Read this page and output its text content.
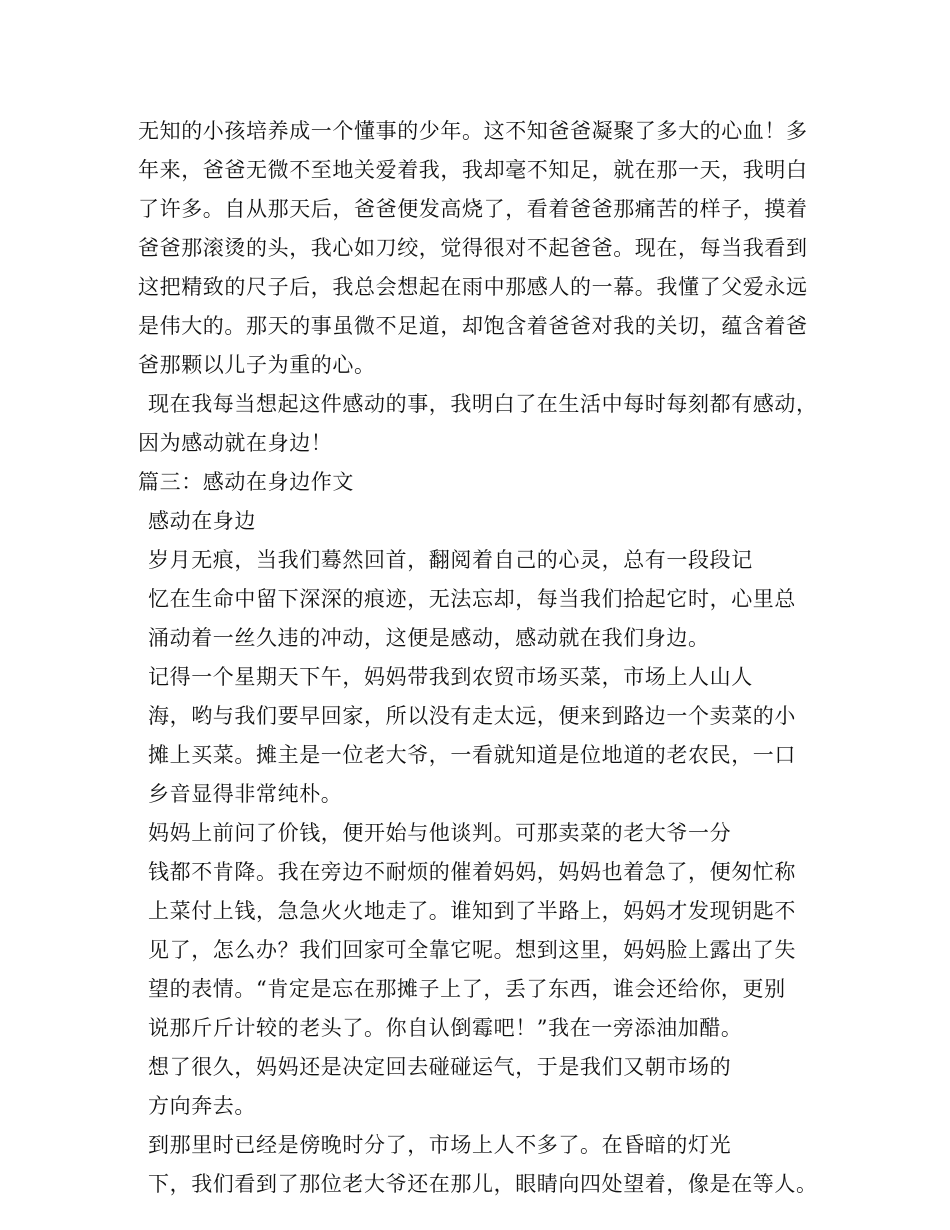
无知的小孩培养成一个懂事的少年。这不知爸爸凝聚了多大的心血！多
年来，爸爸无微不至地关爱着我，我却毫不知足，就在那一天，我明白
了许多。自从那天后，爸爸便发高烧了，看着爸爸那痛苦的样子，摸着
爸爸那滚烫的头，我心如刀绞，觉得很对不起爸爸。现在，每当我看到
这把精致的尺子后，我总会想起在雨中那感人的一幕。我懂了父爱永远
是伟大的。那天的事虽微不足道，却饱含着爸爸对我的关切，蕴含着爸
爸那颗以儿子为重的心。
现在我每当想起这件感动的事，我明白了在生活中每时每刻都有感动，
因为感动就在身边！
篇三：感动在身边作文
感动在身边
岁月无痕，当我们蓦然回首，翻阅着自己的心灵，总有一段段记
忆在生命中留下深深的痕迹，无法忘却，每当我们拾起它时，心里总
涌动着一丝久违的冲动，这便是感动，感动就在我们身边。
记得一个星期天下午，妈妈带我到农贸市场买菜，市场上人山人
海，哟与我们要早回家，所以没有走太远，便来到路边一个卖菜的小
摊上买菜。摊主是一位老大爷，一看就知道是位地道的老农民，一口
乡音显得非常纯朴。
妈妈上前问了价钱，便开始与他谈判。可那卖菜的老大爷一分
钱都不肯降。我在旁边不耐烦的催着妈妈，妈妈也着急了，便匆忙称
上菜付上钱，急急火火地走了。谁知到了半路上，妈妈才发现钥匙不
见了，怎么办？我们回家可全靠它呢。想到这里，妈妈脸上露出了失
望的表情。“肯定是忘在那摊子上了，丢了东西，谁会还给你，更别
说那斤斤计较的老头了。你自认倒霉吧！”我在一旁添油加醋。
想了很久，妈妈还是决定回去碰碰运气，于是我们又朝市场的
方向奔去。
到那里时已经是傍晚时分了，市场上人不多了。在昏暗的灯光
下，我们看到了那位老大爷还在那儿，眼睛向四处望着，像是在等人。
